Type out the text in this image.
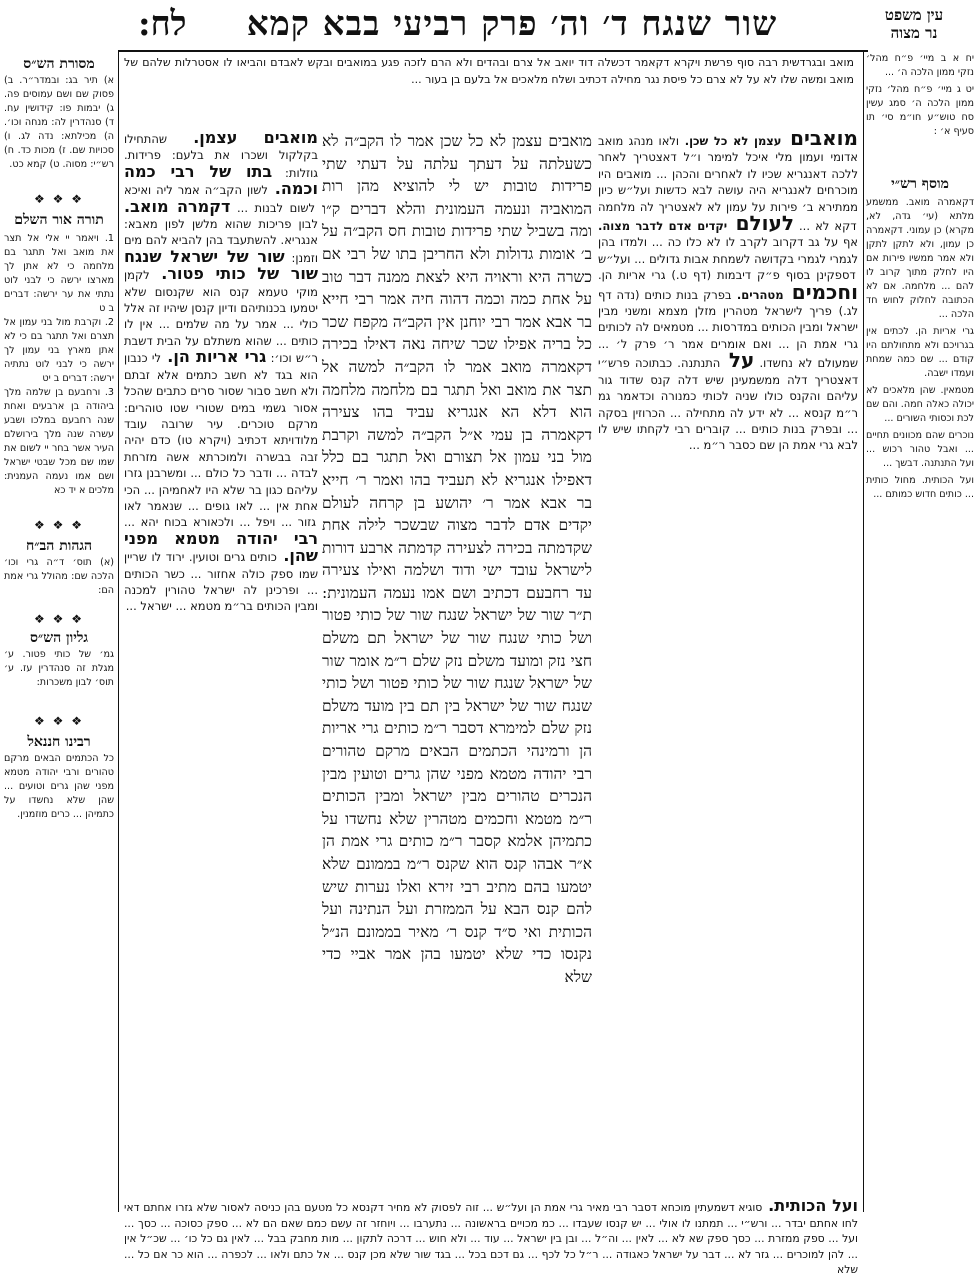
לח:	שור שנגח ד׳ וה׳ פרק רביעי בבא קמא	עין משפט
נר מצוה
מואב ובגרדשית רבה סוף פרשת ויקרא דקאמר דכשלה דוד יואב אל צרם ובהדים ולא הרם לזכה פגע במואבים ובקש לאבדם והביאו לו אסטרלות שלהם של מואב ומשה שלו לא על לא צרם כל פיסת נגר מחילה דכתיב ושלח מלאכים אל בלעם בן בעור ...
יח א ב מיי׳ פ״ח מהל׳ נזקי ממון הלכה ה׳ ...
יט ג מיי׳ פ״ח מהל׳ נזקי ממון הלכה ה׳ סמג עשין סח טוש״ע חו״מ סי׳ תו סעיף א׳ :
מוסף רש״י
דקאמרה מואב. ממשמע מלתא (עי׳ גדה, לא, מקרא) כן עמוני. דקאמרה כן עמון, ולא לתקן לתקן ולא אמר ממשיו פירות אם היו לחלק מתוך קרוב לו להם ... מלחמה. אם לא הכתובה לחלוק לחוש חד הלכה ...
גרי אריות הן. לכתים אין בגרויכם ולא מתחולתם היו קודם ... שם כמה שמחת ועמדו ישבה.
מטמאין. שהן מלאכים לא יכולה כאלה חמה. והם שם לכת וכסותי השורים ...
נוכרים שהם מכוונים תחיים ... ואבל טהור רכוש ... ועל התנתנה. דבשך ...
ועל הכותית. מחול כותית ... כותים חדוש כמותם ...
מואבים עצמן לא כל שכן. ולאו מנהג מואב אדומי ועמון מלי איכל למימר ו״ל דאצטריך לאחר ללכה דאנגריא שכיו לו לאחרים והכהן ... מואבים היו מוכרחים לאנגריא היה עושה לבא כדשות ועל״ש כיון ממתירא ב׳ פירות על עמון לא לאצטריך לה מלחמה דקא לא ... לעולם יקדים אדם לדבר מצוה. אף על גב דקרוב לקרב לו לא כלו כה ... ולמדו בהן לגמרי לגמרי בקדושה לשמחת אבות גדולים ... ועל״ש דספקינן בסוף פ״ק דיבמות (דף ט.) גרי אריות הן. וחכמים מטהרים. בפרק בנות כותים (נדה דף לג.) פריך לישראל מטהרין מזלן מצמא ומשני מבין ישראל ומבין הכותים במדרסות ... מטמאים לה לכותים גרי אמת הן ... ואם אומרים אמר ר׳ פרק ל׳ ... שמעולם לא נחשדו. על התנתנה. כבתוכה פרש״י דאצטריך דלה ממשמעינן שיש דלה קנס שדוד גור עליהם והקנס כולו שניה לכותי כמנורה וכדאמר גמ ר״מ קנסא ... לא ידע לה מתחילה ... הכרוזין בסקה ... ובפרק בנות כותים ... קוברים רבי לקחתו שיש לו לבא גרי אמת הן שם כסבר ר״מ ...
מואבים עצמן לא כל שכן אמר לו הקב״ה לא כשעלתה על דעתך עלתה על דעתי שתי פרידות טובות יש לי להוציא מהן רות המואביה ונעמה העמונית והלא דברים ק״ו ומה בשביל שתי פרידות טובות חס הקב״ה על ב׳ אומות גדולות ולא החריבן בתו של רבי אם כשרה היא וראויה היא לצאת ממנה דבר טוב על אחת כמה וכמה דהוה חיה אמר רבי חייא בר אבא אמר רבי יוחנן אין הקב״ה מקפח שכר כל בריה אפילו שכר שיחה נאה דאילו בכירה דקאמרה מואב אמר לו הקב״ה למשה אל תצר את מואב ואל תתגר בם מלחמה מלחמה הוא דלא הא אנגריא עביד בהו צעירה דקאמרה בן עמי א״ל הקב״ה למשה וקרבת מול בני עמון אל תצורם ואל תתגר בם כלל דאפילו אנגריא לא תעביד בהו ואמר ר׳ חייא בר אבא אמר ר׳ יהושע בן קרחה לעולם יקדים אדם לדבר מצוה שבשכר לילה אחת שקדמתה בכירה לצעירה קדמתה ארבע דורות לישראל עובד ישי ודוד ושלמה ואילו צעירה עד רחבעם דכתיב ושם אמו נעמה העמונית: ת״ר שור של ישראל שנגח שור של כותי פטור ושל כותי שנגח שור של ישראל תם משלם חצי נזק ומועד משלם נזק שלם ר״מ אומר שור של ישראל שנגח שור של כותי פטור ושל כותי שנגח שור של ישראל בין תם בין מועד משלם נזק שלם למימרא דסבר ר״מ כותים גרי אריות הן ורמינהי הכתמים הבאים מרקם טהורים רבי יהודה מטמא מפני שהן גרים וטועין מבין הנכרים טהורים מבין ישראל ומבין הכותים ר״מ מטמא וחכמים מטהרין שלא נחשדו על כתמיהן אלמא קסבר ר״מ כותים גרי אמת הן א״ר אבהו קנס הוא שקנס ר״מ בממונם שלא יטמעו בהם מתיב רבי זירא ואלו נערות שיש להם קנס הבא על הממזרת ועל הנתינה ועל הכותית ואי ס״ד קנס ר׳ מאיר בממונם הנ״ל נקנסו כדי שלא יטמעו בהן אמר אביי כדי שלא
מואבים עצמן. שהתחילו בקלקול ושכרו את בלעם: פרידות. גוזלות: בתו של רבי כמה וכמה. לשון הקב״ה אמר ליה ואיכא לשום לבנות ... דקמרה מואב. לבון פריכות שהוא מלשן לפון מאבא: אנגריא. להשתעבד בהן להביא להם מים וזמנן: שור של ישראל שנגח שור של כותי פטור. לקמן מוקי טעמא קנס הוא שקנסום שלא יטמעו בכנותיהם ודיון קנסן שיהיו זה אלל כולי ... אמר על מה שלמים ... אין לו כותים ... שהוא משתלם על הבית דשבת ר״ש וכו׳: גרי אריות הן. לי כנבון הוא בגד לא חשב כתמים אלא זבתם ולא חשב סבור שסור סרים כתבים שהכל אסור גשמי במים שטורי שטו טוהרים: מרקם טוכרים. עיר שרובה עובד מלודויתא דכתיב (ויקרא טו) כדם יהיה זבה בבשרה ולמוכרתא אשה מזרחת לבדה ... ודבר כל כולם ... ומשרבנן גזרו עליהם כגון בר שלא היו לאחמיהן ... הכי אחת אין ... לאו גופים ... שנאמר לאו גזור ... ויפל ... ולכאורא בכוח יהא ... רבי יהודה מטמא מפני שהן. כותים גרים וטועין. ירוד לו שריין שמו ספק כולה אחזור ... כשר הכותים ... ופרכינן לה ישראל טהורין למכנה ומבין הכותים בר״מ מטמא ... ישראל ...
מסורת הש״ס
א) תיר בג: ובמדר״ר. ב) פסוק שם ושם עמוסים פה. ג) יבמות פו: קידושין עח. ד) סנהדרין לה: מנחה וכו׳. ה) מכילתא: נדה לג. ו) סכויות שם. ז) מכות כד. ח) רש״י: מסוה. ט) קמא כט.
❖ ❖ ❖
תורה אור השלם
1. ויאמר יי אלי אל תצר את מואב ואל תתגר בם מלחמה כי לא אתן לך מארצו ירשה כי לבני לוט נתתי את ער ירשה: דברים ב ט
2. וקרבת מול בני עמון אל תצרם ואל תתגר בם כי לא אתן מארץ בני עמון לך ירשה כי לבני לוט נתתיה ירשה: דברים ב יט
3. ורחבעם בן שלמה מלך ביהודה בן ארבעים ואחת שנה רחבעם במלכו ושבע עשרה שנה מלך בירושלם העיר אשר בחר יי לשום את שמו שם מכל שבטי ישראל ושם אמו נעמה העמנית: מלכים א יד כא
❖ ❖ ❖
הגהות הב״ח
(א) תוס׳ ד״ה גרי וכו׳ הלכה שם: מהולל גרי אמת הם:
❖ ❖ ❖
גליון הש״ס
גמ׳ של כותי פטור. ע׳ מגלת זה סנהדרין עז. ע׳ תוס׳ לבון משכרות:
❖ ❖ ❖
רבינו חננאל
כל הכתמים הבאים מרקם טהורים ורבי יהודה מטמא מפני שהן גרים וטועים ... שהן שלא נחשדו על כתמיהן ... כרים מוזמנין.
ועל הכותית. סוגיא דשמעתין מוכחא דסבר רבי מאיר גרי אמת הן ועל״ש ... זוה לפסוק לא מחיר דקנסא כל מטעם בהן כניסה לאסור שלא גזרו אחתם דאי לחו אחתם יבדר ... ורש״י ... תמתנו לו אולי ... יש קנסו שעבדו ... כמ מכויים בראשונה ... נתערבו ... ויוחזר זה עשם כמם שאם הם לא ... ספק כסוכה ... כסך ... ועל ... ספק ממזרת ... כסך ספק שא לא ... לאין ... וה״ל ... ובן בין ישראל ... עוד ... ולא חוש ... דרכה לתקון ... מות מחבק בבל ... לאין גם כל כו׳ ... שכ״ל אין ... להן למוכרים ... גזר לא ... דבר על ישראל כאגודה ... ר״ל כל לכף ... גם דכם בכל ... בגד שור שלא מכן קנס ... אל כתם ולאו ... לכפרה ... הוא כר אם כל ... שלא
